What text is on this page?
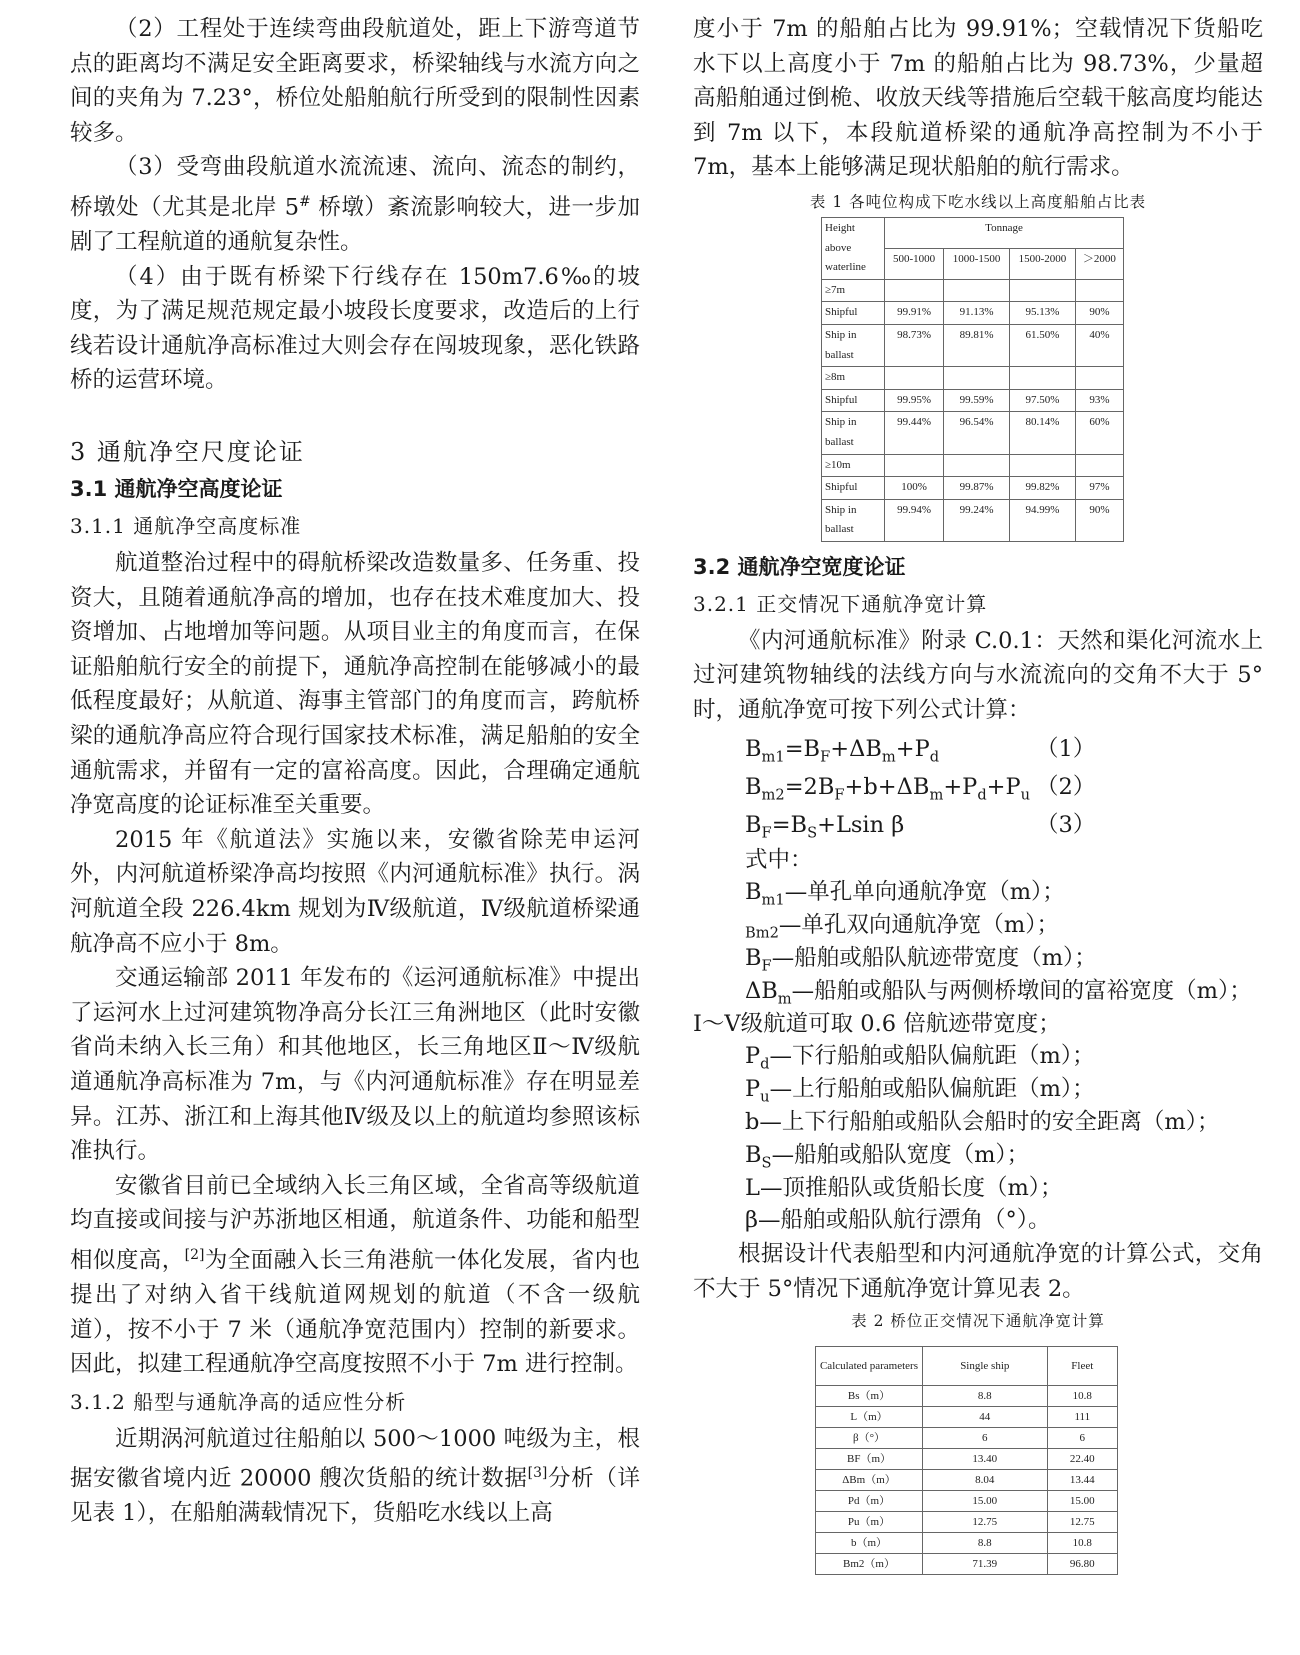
（2）工程处于连续弯曲段航道处，距上下游弯道节点的距离均不满足安全距离要求，桥梁轴线与水流方向之间的夹角为 7.23°，桥位处船舶航行所受到的限制性因素较多。

（3）受弯曲段航道水流流速、流向、流态的制约，桥墩处（尤其是北岸 5# 桥墩）紊流影响较大，进一步加剧了工程航道的通航复杂性。

（4）由于既有桥梁下行线存在 150m7.6‰的坡度，为了满足规范规定最小坡段长度要求，改造后的上行线若设计通航净高标准过大则会存在闯坡现象，恶化铁路桥的运营环境。

3 通航净空尺度论证
3.1 通航净空高度论证
3.1.1 通航净空高度标准

航道整治过程中的碍航桥梁改造数量多、任务重、投资大，且随着通航净高的增加，也存在技术难度加大、投资增加、占地增加等问题。从项目业主的角度而言，在保证船舶航行安全的前提下，通航净高控制在能够减小的最低程度最好；从航道、海事主管部门的角度而言，跨航桥梁的通航净高应符合现行国家技术标准，满足船舶的安全通航需求，并留有一定的富裕高度。因此，合理确定通航净宽高度的论证标准至关重要。

2015 年《航道法》实施以来，安徽省除芜申运河外，内河航道桥梁净高均按照《内河通航标准》执行。涡河航道全段 226.4km 规划为Ⅳ级航道，Ⅳ级航道桥梁通航净高不应小于 8m。

交通运输部 2011 年发布的《运河通航标准》中提出了运河水上过河建筑物净高分长江三角洲地区（此时安徽省尚未纳入长三角）和其他地区，长三角地区Ⅱ～Ⅳ级航道通航净高标准为 7m，与《内河通航标准》存在明显差异。江苏、浙江和上海其他Ⅳ级及以上的航道均参照该标准执行。

安徽省目前已全域纳入长三角区域，全省高等级航道均直接或间接与沪苏浙地区相通，航道条件、功能和船型相似度高，[2]为全面融入长三角港航一体化发展，省内也提出了对纳入省干线航道网规划的航道（不含一级航道），按不小于 7 米（通航净宽范围内）控制的新要求。因此，拟建工程通航净空高度按照不小于 7m 进行控制。

3.1.2 船型与通航净高的适应性分析

近期涡河航道过往船舶以 500～1000 吨级为主，根据安徽省境内近 20000 艘次货船的统计数据[3]分析（详见表 1），在船舶满载情况下，货船吃水线以上高

度小于 7m 的船舶占比为 99.91%；空载情况下货船吃水下以上高度小于 7m 的船舶占比为 98.73%，少量超高船舶通过倒桅、收放天线等措施后空载干舷高度均能达到 7m 以下，本段航道桥梁的通航净高控制为不小于 7m，基本上能够满足现状船舶的航行需求。

表 1 各吨位构成下吃水线以上高度船舶占比表
Height above waterline	Tonnage			
	500-1000	1000-1500	1500-2000	＞2000
≥7m				
Shipful	99.91%	91.13%	95.13%	90%
Ship in ballast	98.73%	89.81%	61.50%	40%
≥8m				
Shipful	99.95%	99.59%	97.50%	93%
Ship in ballast	99.44%	96.54%	80.14%	60%
≥10m				
Shipful	100%	99.87%	99.82%	97%
Ship in ballast	99.94%	99.24%	94.99%	90%
3.2 通航净空宽度论证
3.2.1 正交情况下通航净宽计算

《内河通航标准》附录 C.0.1：天然和渠化河流水上过河建筑物轴线的法线方向与水流流向的交角不大于 5°时，通航净宽可按下列公式计算：

$B_{m1}=B_F+\Delta B_m+P_d$	（1）

$B_{m2}=2B_F+b+\Delta B_m+P_d+P_u$ （2）

$B_F=B_S+Lsin$ β	（3）

式中：
$B_{m1}—$单孔单向通航净宽（m）；
$_{Bm2}$—单孔双向通航净宽（m）；
$B_F—$船舶或船队航迹带宽度（m）；
$\Delta B_m—$船舶或船队与两侧桥墩间的富裕宽度（m）；
Ⅰ～Ⅴ级航道可取 0.6 倍航迹带宽度；
$P_d—$下行船舶或船队偏航距（m）；
$P_u—$上行船舶或船队偏航距（m）；
b—上下行船舶或船队会船时的安全距离（m）；
$B_S—$船舶或船队宽度（m）；
L—顶推船队或货船长度（m）；
β—船舶或船队航行漂角（°）。

根据设计代表船型和内河通航净宽的计算公式，交角不大于 5°情况下通航净宽计算见表 2。

表 2 桥位正交情况下通航净宽计算
Calculated parameters	Single ship	Fleet
Bs（m）	8.8	10.8
L（m）	44	111
β（°）	6	6
BF（m）	13.40	22.40
ΔBm（m）	8.04	13.44
Pd（m）	15.00	15.00
Pu（m）	12.75	12.75
b（m）	8.8	10.8
Bm2（m）	71.39	96.80
